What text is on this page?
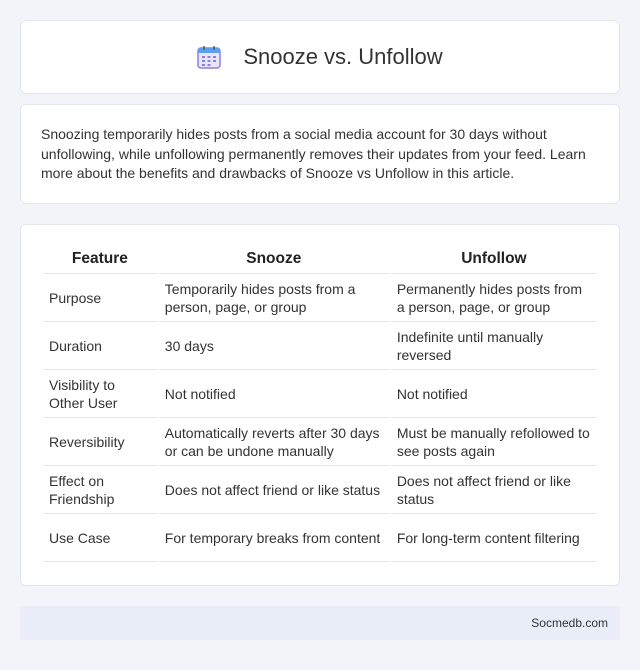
Snooze vs. Unfollow

Snoozing temporarily hides posts from a social media account for 30 days without unfollowing, while unfollowing permanently removes their updates from your feed. Learn more about the benefits and drawbacks of Snooze vs Unfollow in this article.

Feature	Snooze	Unfollow
Purpose	Temporarily hides posts from a person, page, or group	Permanently hides posts from a person, page, or group
Duration	30 days	Indefinite until manually reversed
Visibility to Other User	Not notified	Not notified
Reversibility	Automatically reverts after 30 days or can be undone manually	Must be manually refollowed to see posts again
Effect on Friendship	Does not affect friend or like status	Does not affect friend or like status
Use Case	For temporary breaks from content	For long-term content filtering
Socmedb.com
